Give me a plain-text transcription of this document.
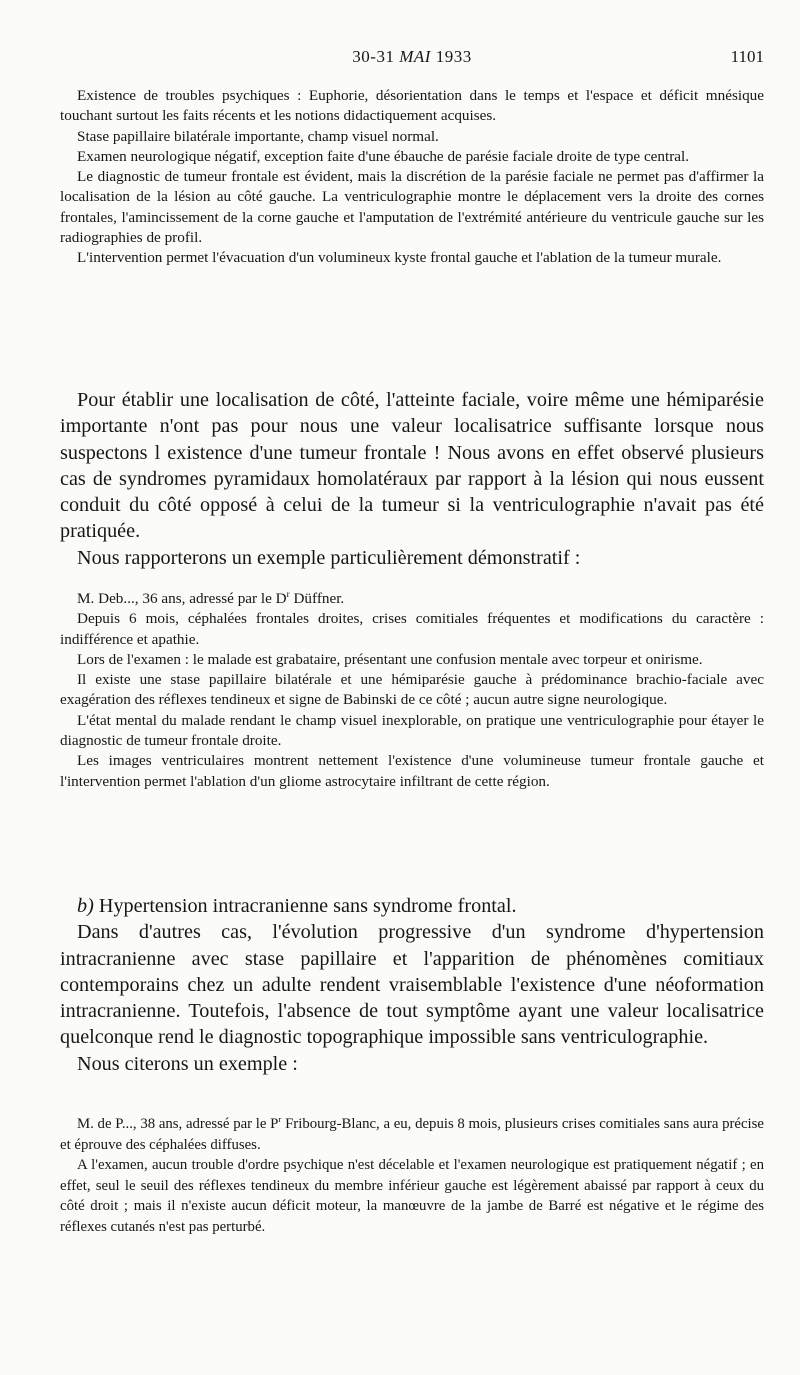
30-31 MAI 1933	1101

Existence de troubles psychiques : Euphorie, désorientation dans le temps et l'espace et déficit mnésique touchant surtout les faits récents et les notions didactiquement acquises.

Stase papillaire bilatérale importante, champ visuel normal.

Examen neurologique négatif, exception faite d'une ébauche de parésie faciale droite de type central.

Le diagnostic de tumeur frontale est évident, mais la discrétion de la parésie faciale ne permet pas d'affirmer la localisation de la lésion au côté gauche. La ventriculographie montre le déplacement vers la droite des cornes frontales, l'amincissement de la corne gauche et l'amputation de l'extrémité antérieure du ventricule gauche sur les radiographies de profil.

L'intervention permet l'évacuation d'un volumineux kyste frontal gauche et l'ablation de la tumeur murale.

Pour établir une localisation de côté, l'atteinte faciale, voire même une hémiparésie importante n'ont pas pour nous une valeur localisatrice suffisante lorsque nous suspectons l existence d'une tumeur frontale ! Nous avons en effet observé plusieurs cas de syndromes pyramidaux homolatéraux par rapport à la lésion qui nous eussent conduit du côté opposé à celui de la tumeur si la ventriculographie n'avait pas été pratiquée.

Nous rapporterons un exemple particulièrement démonstratif :

M. Deb..., 36 ans, adressé par le $D^r$ Düffner.

Depuis 6 mois, céphalées frontales droites, crises comitiales fréquentes et modifications du caractère : indifférence et apathie.

Lors de l'examen : le malade est grabataire, présentant une confusion mentale avec torpeur et onirisme.

Il existe une stase papillaire bilatérale et une hémiparésie gauche à prédominance brachio-faciale avec exagération des réflexes tendineux et signe de Babinski de ce côté ; aucun autre signe neurologique.

L'état mental du malade rendant le champ visuel inexplorable, on pratique une ventriculographie pour étayer le diagnostic de tumeur frontale droite.

Les images ventriculaires montrent nettement l'existence d'une volumineuse tumeur frontale gauche et l'intervention permet l'ablation d'un gliome astrocytaire infiltrant de cette région.

b) Hypertension intracranienne sans syndrome frontal.

Dans d'autres cas, l'évolution progressive d'un syndrome d'hypertension intracranienne avec stase papillaire et l'apparition de phénomènes comitiaux contemporains chez un adulte rendent vraisemblable l'existence d'une néoformation intracranienne. Toutefois, l'absence de tout symptôme ayant une valeur localisatrice quelconque rend le diagnostic topographique impossible sans ventriculographie.

Nous citerons un exemple :

M. de P..., 38 ans, adressé par le $P^r$ Fribourg-Blanc, a eu, depuis 8 mois, plusieurs crises comitiales sans aura précise et éprouve des céphalées diffuses.

A l'examen, aucun trouble d'ordre psychique n'est décelable et l'examen neurologique est pratiquement négatif ; en effet, seul le seuil des réflexes tendineux du membre inférieur gauche est légèrement abaissé par rapport à ceux du côté droit ; mais il n'existe aucun déficit moteur, la manœuvre de la jambe de Barré est négative et le régime des réflexes cutanés n'est pas perturbé.
